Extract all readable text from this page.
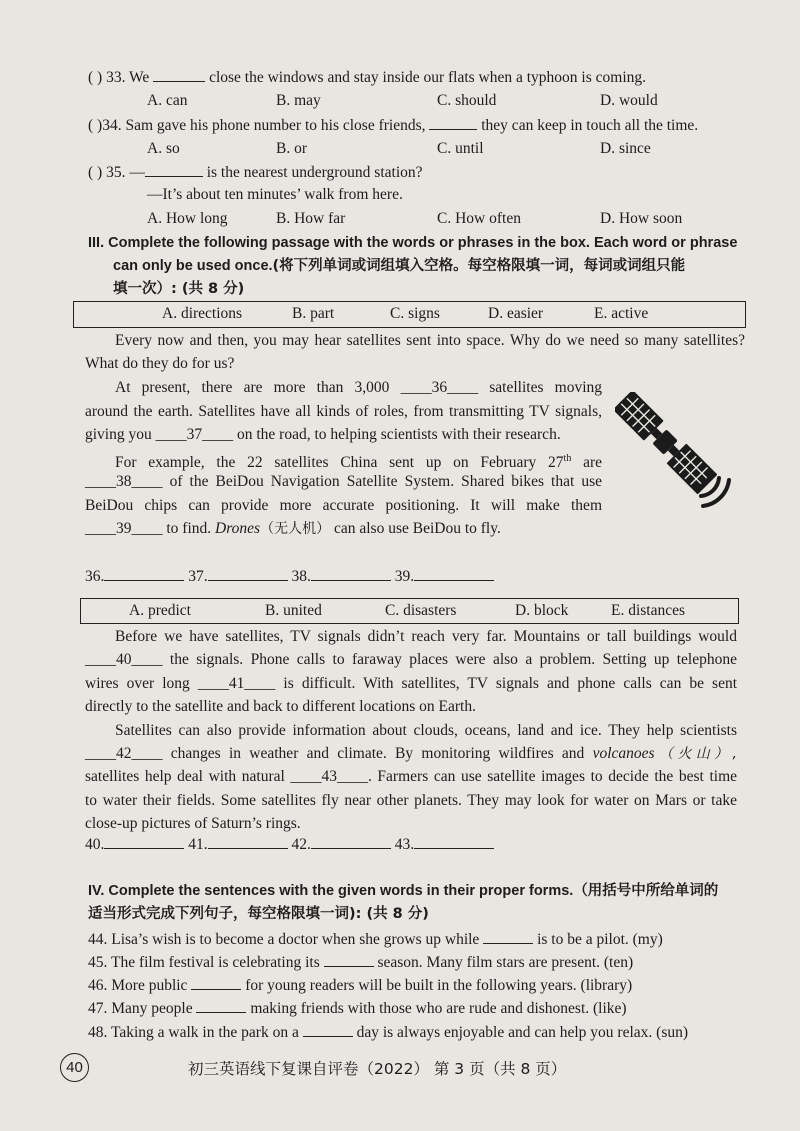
( ) 33. We	close the windows and stay inside our flats when a typhoon is coming.
A. can	B. may	C. should	D. would
( )34. Sam gave his phone number to his close friends,	they can keep in touch all the time.
A. so	B. or	C. until	D. since
( ) 35. —	is the nearest underground station?
—It’s about ten minutes’ walk from here.
A. How long	B. How far	C. How often	D. How soon
III. Complete the following passage with the words or phrases in the box. Each word or phrase
can only be used once.(将下列单词或词组填入空格。每空格限填一词，每词或词组只能
填一次）: (共 8 分)
A. directions	B. part	C. signs	D. easier	E. active
Every now and then, you may hear satellites sent into space. Why do we need so many satellites?
What do they do for us?
At present, there are more than 3,000 ____36____ satellites moving
around the earth. Satellites have all kinds of roles, from transmitting TV signals,
giving you ____37____ on the road, to helping scientists with their research.
For example, the 22 satellites China sent up on February 27th are
____38____ of the BeiDou Navigation Satellite System. Shared bikes that use
BeiDou chips can provide more accurate positioning. It will make them
____39____ to find. Drones（无人机） can also use BeiDou to fly.
36.	37.	38.	39.
A. predict	B. united	C. disasters	D. block	E. distances
Before we have satellites, TV signals didn’t reach very far. Mountains or tall buildings would
____40____ the signals. Phone calls to faraway places were also a problem. Setting up telephone
wires over long ____41____ is difficult. With satellites, TV signals and phone calls can be sent
directly to the satellite and back to different locations on Earth.
Satellites can also provide information about clouds, oceans, land and ice. They help scientists
____42____ changes in weather and climate. By monitoring wildfires and volcanoes（火山）,
satellites help deal with natural ____43____. Farmers can use satellite images to decide the best time
to water their fields. Some satellites fly near other planets. They may look for water on Mars or take
close-up pictures of Saturn’s rings.
40.	41.	42.	43.
IV. Complete the sentences with the given words in their proper forms.（用括号中所给单词的
适当形式完成下列句子，每空格限填一词): (共 8 分)
44. Lisa’s wish is to become a doctor when she grows up while	is to be a pilot. (my)
45. The film festival is celebrating its	season. Many film stars are present. (ten)
46. More public	for young readers will be built in the following years. (library)
47. Many people	making friends with those who are rude and dishonest. (like)
48. Taking a walk in the park on a	day is always enjoyable and can help you relax. (sun)
40	初三英语线下复课自评卷（2022） 第 3 页（共 8 页）
